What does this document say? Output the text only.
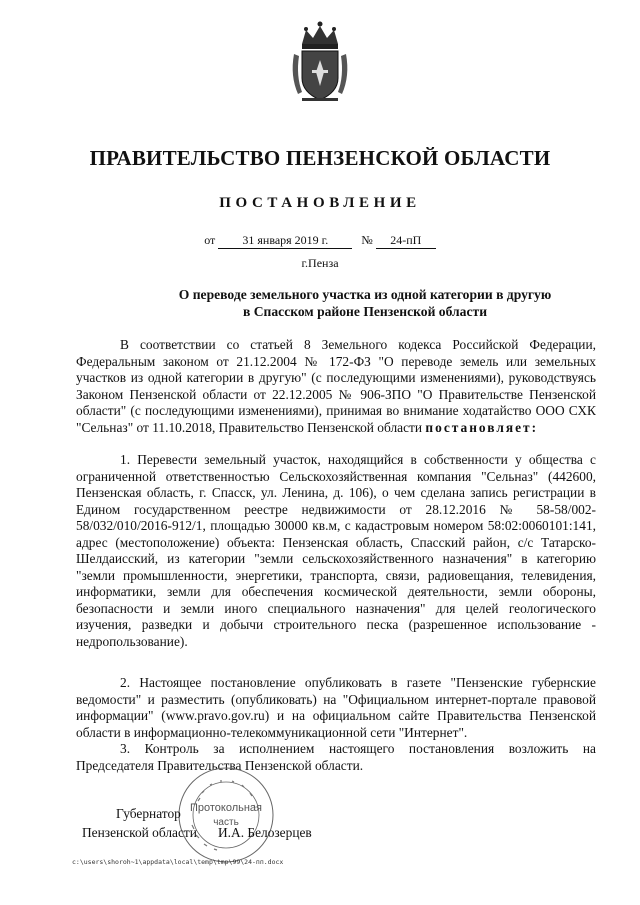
ПРАВИТЕЛЬСТВО ПЕНЗЕНСКОЙ ОБЛАСТИ
ПОСТАНОВЛЕНИЕ
от 31 января 2019 г.	№ 24-пП
г.Пенза
О переводе земельного участка из одной категории в другую
в Спасском районе Пензенской области
В соответствии со статьей 8 Земельного кодекса Российской Федерации, Федеральным законом от 21.12.2004 № 172-ФЗ "О переводе земель или земельных участков из одной категории в другую" (с последующими изменениями), руководствуясь Законом Пензенской области от 22.12.2005 № 906-ЗПО "О Правительстве Пензенской области" (с последующими изменениями), принимая во внимание ходатайство ООО СХК "Сельназ" от 11.10.2018, Правительство Пензенской области постановляет:
1. Перевести земельный участок, находящийся в собственности у общества с ограниченной ответственностью Сельскохозяйственная компания "Сельназ" (442600, Пензенская область, г. Спасск, ул. Ленина, д. 106), о чем сделана запись регистрации в Едином государственном реестре недвижимости от 28.12.2016 № 58-58/002-58/032/010/2016-912/1, площадью 30000 кв.м, с кадастровым номером 58:02:0060101:141, адрес (местоположение) объекта: Пензенская область, Спасский район, с/с Татарско-Шелдаисский, из категории "земли сельскохозяйственного назначения" в категорию "земли промышленности, энергетики, транспорта, связи, радиовещания, телевидения, информатики, земли для обеспечения космической деятельности, земли обороны, безопасности и земли иного специального назначения" для целей геологического изучения, разведки и добычи строительного песка (разрешенное использование - недропользование).
2. Настоящее постановление опубликовать в газете "Пензенские губернские ведомости" и разместить (опубликовать) на "Официальном интернет-портале правовой информации" (www.pravo.gov.ru) и на официальном сайте Правительства Пензенской области в информационно-телекоммуникационной сети "Интернет".
3. Контроль за исполнением настоящего постановления возложить на Председателя Правительства Пензенской области.
Протокольная
часть
Губернатор
Пензенской области И.А. Белозерцев
c:\users\shoroh~1\appdata\local\temp\tmp\99\24-пп.docx
